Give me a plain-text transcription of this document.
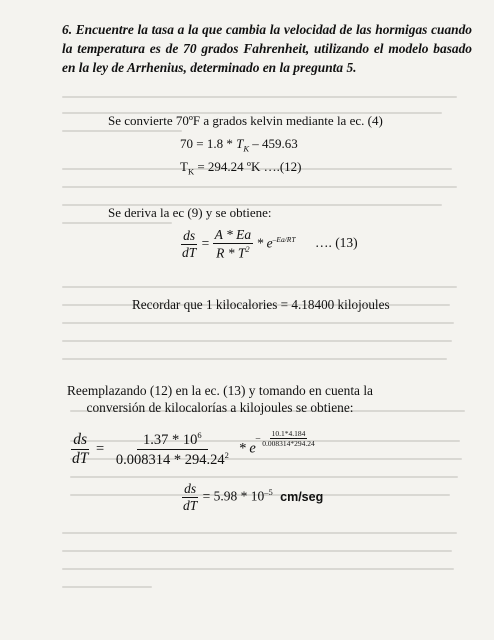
6. Encuentre la tasa a la que cambia la velocidad de las hormigas cuando la temperatura es de 70 grados Fahrenheit, utilizando el modelo basado en la ley de Arrhenius, determinado en la pregunta 5.
Se convierte 70ºF a grados kelvin mediante la ec. (4)
$70 = 1.8 * T_K - 459.63$
$T_K = 294.24$ ºK ….(12)
Se deriva la ec (9) y se obtiene:
$\frac{ds}{dT} = \frac{A * Ea}{R * T^2} * e^{-Ea/RT}$ …. (13)
Recordar que 1 kilocalories = 4.18400 kilojoules
Reemplazando (12) en la ec. (13) y tomando en cuenta la conversión de kilocalorías a kilojoules se obtiene:
$\frac{ds}{dT} = \frac{1.37 * 10^6}{0.008314 * 294.24^2} * e^{- \frac{10.1*4.184}{0.008314*294.24}}$
$\frac{ds}{dT} = 5.98 * 10^{-5}$ cm/seg
